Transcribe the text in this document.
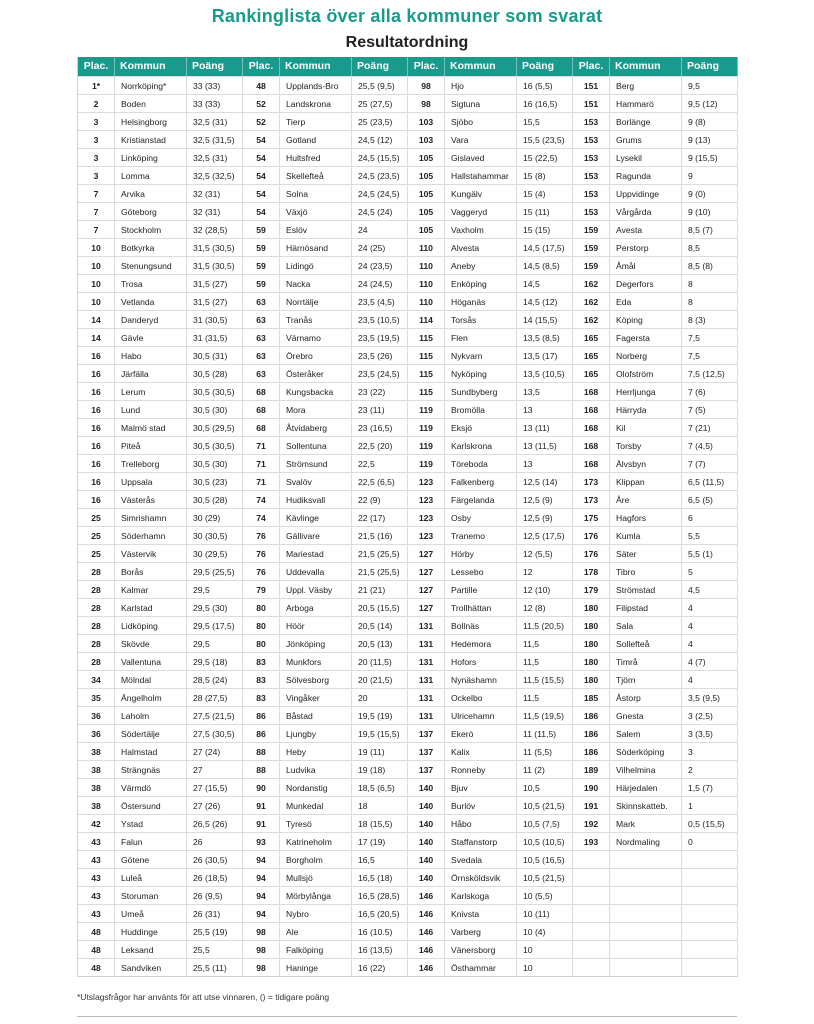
Rankinglista över alla kommuner som svarat
Resultatordning
Plac.	Kommun	Poäng
1*	Norrköping*	33 (33)
2	Boden	33 (33)
3	Helsingborg	32,5 (31)
3	Kristianstad	32,5 (31,5)
3	Linköping	32,5 (31)
3	Lomma	32,5 (32,5)
7	Arvika	32 (31)
7	Göteborg	32 (31)
7	Stockholm	32 (28,5)
10	Botkyrka	31,5 (30,5)
10	Stenungsund	31,5 (30,5)
10	Trosa	31,5 (27)
10	Vetlanda	31,5 (27)
14	Danderyd	31 (30,5)
14	Gävle	31 (31,5)
16	Habo	30,5 (31)
16	Järfälla	30,5 (28)
16	Lerum	30,5 (30,5)
16	Lund	30,5 (30)
16	Malmö stad	30,5 (29,5)
16	Piteå	30,5 (30,5)
16	Trelleborg	30,5 (30)
16	Uppsala	30,5 (23)
16	Västerås	30,5 (28)
25	Simrishamn	30 (29)
25	Söderhamn	30 (30,5)
25	Västervik	30 (29,5)
28	Borås	29,5 (25,5)
28	Kalmar	29,5
28	Karlstad	29,5 (30)
28	Lidköping	29,5 (17,5)
28	Skövde	29,5
28	Vallentuna	29,5 (18)
34	Mölndal	28,5 (24)
35	Ängelholm	28 (27,5)
36	Laholm	27,5 (21,5)
36	Södertälje	27,5 (30,5)
38	Halmstad	27 (24)
38	Strängnäs	27
38	Värmdö	27 (15,5)
38	Östersund	27 (26)
42	Ystad	26,5 (26)
43	Falun	26
43	Götene	26 (30,5)
43	Luleå	26 (18,5)
43	Storuman	26 (9,5)
43	Umeå	26 (31)
48	Huddinge	25,5 (19)
48	Leksand	25,5
48	Sandviken	25,5 (11)
Plac.	Kommun	Poäng
48	Upplands-Bro	25,5 (9,5)
52	Landskrona	25 (27,5)
52	Tierp	25 (23,5)
54	Gotland	24,5 (12)
54	Hultsfred	24,5 (15,5)
54	Skellefteå	24,5 (23,5)
54	Solna	24,5 (24,5)
54	Växjö	24,5 (24)
59	Eslöv	24
59	Härnösand	24 (25)
59	Lidingö	24 (23,5)
59	Nacka	24 (24,5)
63	Norrtälje	23,5 (4,5)
63	Tranås	23,5 (10,5)
63	Värnamo	23,5 (19,5)
63	Örebro	23,5 (26)
63	Österåker	23,5 (24,5)
68	Kungsbacka	23 (22)
68	Mora	23 (11)
68	Åtvidaberg	23 (16,5)
71	Sollentuna	22,5 (20)
71	Strömsund	22,5
71	Svalöv	22,5 (6,5)
74	Hudiksvall	22 (9)
74	Kävlinge	22 (17)
76	Gällivare	21,5 (16)
76	Mariestad	21,5 (25,5)
76	Uddevalla	21,5 (25,5)
79	Uppl. Väsby	21 (21)
80	Arboga	20,5 (15,5)
80	Höör	20,5 (14)
80	Jönköping	20,5 (13)
83	Munkfors	20 (11,5)
83	Sölvesborg	20 (21,5)
83	Vingåker	20
86	Båstad	19,5 (19)
86	Ljungby	19,5 (15,5)
88	Heby	19 (11)
88	Ludvika	19 (18)
90	Nordanstig	18,5 (6,5)
91	Munkedal	18
91	Tyresö	18 (15,5)
93	Katrineholm	17 (19)
94	Borgholm	16,5
94	Mullsjö	16,5 (18)
94	Mörbylånga	16,5 (28,5)
94	Nybro	16,5 (20,5)
98	Ale	16 (10.5)
98	Falköping	16 (13,5)
98	Haninge	16 (22)
Plac.	Kommun	Poäng
98	Hjo	16 (5,5)
98	Sigtuna	16 (16,5)
103	Sjöbo	15,5
103	Vara	15,5 (23,5)
105	Gislaved	15 (22,5)
105	Hallstahammar	15 (8)
105	Kungälv	15 (4)
105	Vaggeryd	15 (11)
105	Vaxholm	15 (15)
110	Alvesta	14,5 (17,5)
110	Aneby	14,5 (8,5)
110	Enköping	14,5
110	Höganäs	14,5 (12)
114	Torsås	14 (15,5)
115	Flen	13,5 (8,5)
115	Nykvarn	13,5 (17)
115	Nyköping	13,5 (10,5)
115	Sundbyberg	13,5
119	Bromölla	13
119	Eksjö	13 (11)
119	Karlskrona	13 (11,5)
119	Töreboda	13
123	Falkenberg	12,5 (14)
123	Färgelanda	12,5 (9)
123	Osby	12,5 (9)
123	Tranemo	12,5 (17,5)
127	Hörby	12 (5,5)
127	Lessebo	12
127	Partille	12 (10)
127	Trollhättan	12 (8)
131	Bollnäs	11,5 (20,5)
131	Hedemora	11,5
131	Hofors	11,5
131	Nynäshamn	11,5 (15,5)
131	Ockelbo	11,5
131	Ulricehamn	11,5 (19,5)
137	Ekerö	11 (11,5)
137	Kalix	11 (5,5)
137	Ronneby	11 (2)
140	Bjuv	10,5
140	Burlöv	10,5 (21,5)
140	Håbo	10,5 (7,5)
140	Staffanstorp	10,5 (10,5)
140	Svedala	10,5 (16,5)
140	Örnsköldsvik	10,5 (21,5)
146	Karlskoga	10 (5,5)
146	Knivsta	10 (11)
146	Varberg	10 (4)
146	Vänersborg	10
146	Östhammar	10
Plac.	Kommun	Poäng
151	Berg	9,5
151	Hammarö	9,5 (12)
153	Borlänge	9 (8)
153	Grums	9 (13)
153	Lysekil	9 (15,5)
153	Ragunda	9
153	Uppvidinge	9 (0)
153	Vårgårda	9 (10)
159	Avesta	8,5 (7)
159	Perstorp	8,5
159	Åmål	8,5 (8)
162	Degerfors	8
162	Eda	8
162	Köping	8 (3)
165	Fagersta	7,5
165	Norberg	7,5
165	Olofström	7,5 (12,5)
168	Herrljunga	7 (6)
168	Härryda	7 (5)
168	Kil	7 (21)
168	Torsby	7 (4,5)
168	Älvsbyn	7 (7)
173	Klippan	6,5 (11,5)
173	Åre	6,5 (5)
175	Hagfors	6
176	Kumla	5,5
176	Säter	5,5 (1)
178	Tibro	5
179	Strömstad	4,5
180	Filipstad	4
180	Sala	4
180	Sollefteå	4
180	Timrå	4 (7)
180	Tjörn	4
185	Åstorp	3,5 (9,5)
186	Gnesta	3 (2,5)
186	Salem	3 (3,5)
186	Söderköping	3
189	Vilhelmina	2
190	Härjedalen	1,5 (7)
191	Skinnskatteb.	1
192	Mark	0,5 (15,5)
193	Nordmaling	0
*Utslagsfrågor har använts för att utse vinnaren, () = tidigare poäng
